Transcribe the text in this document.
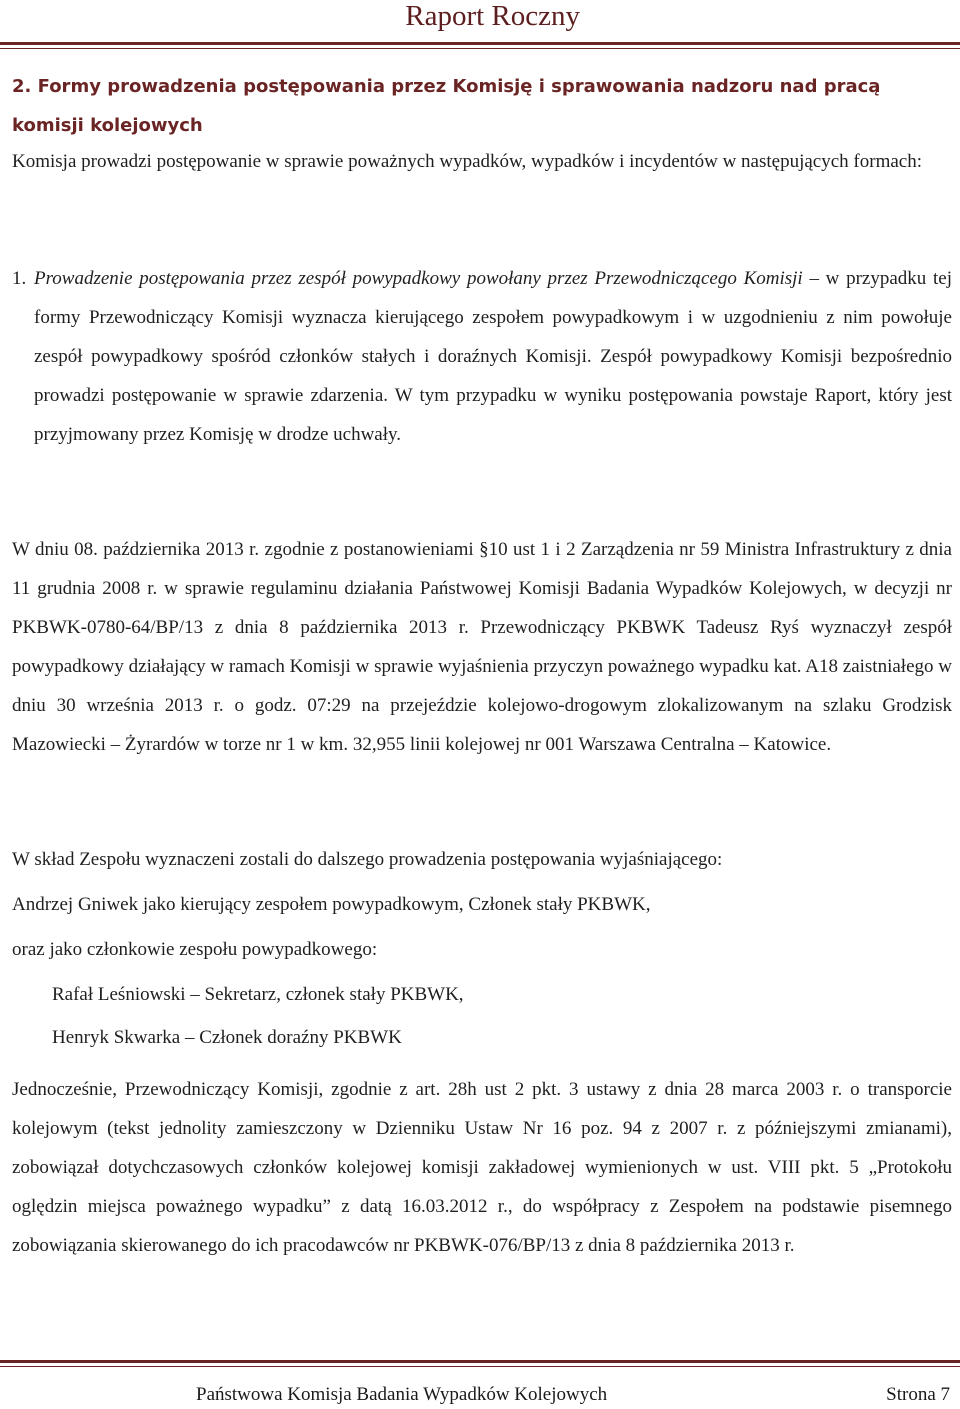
Raport Roczny
2. Formy prowadzenia postępowania przez Komisję i sprawowania nadzoru nad pracą komisji kolejowych

Komisja prowadzi postępowanie w sprawie poważnych wypadków, wypadków i incydentów w następujących formach:

1. Prowadzenie postępowania przez zespół powypadkowy powołany przez Przewodniczącego Komisji – w przypadku tej formy Przewodniczący Komisji wyznacza kierującego zespołem powypadkowym i w uzgodnieniu z nim powołuje zespół powypadkowy spośród członków stałych i doraźnych Komisji. Zespół powypadkowy Komisji bezpośrednio prowadzi postępowanie w sprawie zdarzenia. W tym przypadku w wyniku postępowania powstaje Raport, który jest przyjmowany przez Komisję w drodze uchwały.

W dniu 08. października 2013 r. zgodnie z postanowieniami §10 ust 1 i 2 Zarządzenia nr 59 Ministra Infrastruktury z dnia 11 grudnia 2008 r. w sprawie regulaminu działania Państwowej Komisji Badania Wypadków Kolejowych, w decyzji nr PKBWK-0780-64/BP/13 z dnia 8 października 2013 r. Przewodniczący PKBWK Tadeusz Ryś wyznaczył zespół powypadkowy działający w ramach Komisji w sprawie wyjaśnienia przyczyn poważnego wypadku kat. A18 zaistniałego w dniu 30 września 2013 r. o godz. 07:29 na przejeździe kolejowo-drogowym zlokalizowanym na szlaku Grodzisk Mazowiecki – Żyrardów w torze nr 1 w km. 32,955 linii kolejowej nr 001 Warszawa Centralna – Katowice.

W skład Zespołu wyznaczeni zostali do dalszego prowadzenia postępowania wyjaśniającego:

Andrzej Gniwek jako kierujący zespołem powypadkowym, Członek stały PKBWK,

oraz jako członkowie zespołu powypadkowego:

Rafał Leśniowski – Sekretarz, członek stały PKBWK,

Henryk Skwarka – Członek doraźny PKBWK

Jednocześnie, Przewodniczący Komisji, zgodnie z art. 28h ust 2 pkt. 3 ustawy z dnia 28 marca 2003 r. o transporcie kolejowym (tekst jednolity zamieszczony w Dzienniku Ustaw Nr 16 poz. 94 z 2007 r. z późniejszymi zmianami), zobowiązał dotychczasowych członków kolejowej komisji zakładowej wymienionych w ust. VIII pkt. 5 „Protokołu oględzin miejsca poważnego wypadku” z datą 16.03.2012 r., do współpracy z Zespołem na podstawie pisemnego zobowiązania skierowanego do ich pracodawców nr PKBWK-076/BP/13 z dnia 8 października 2013 r.

Państwowa Komisja Badania Wypadków Kolejowych	Strona 7
